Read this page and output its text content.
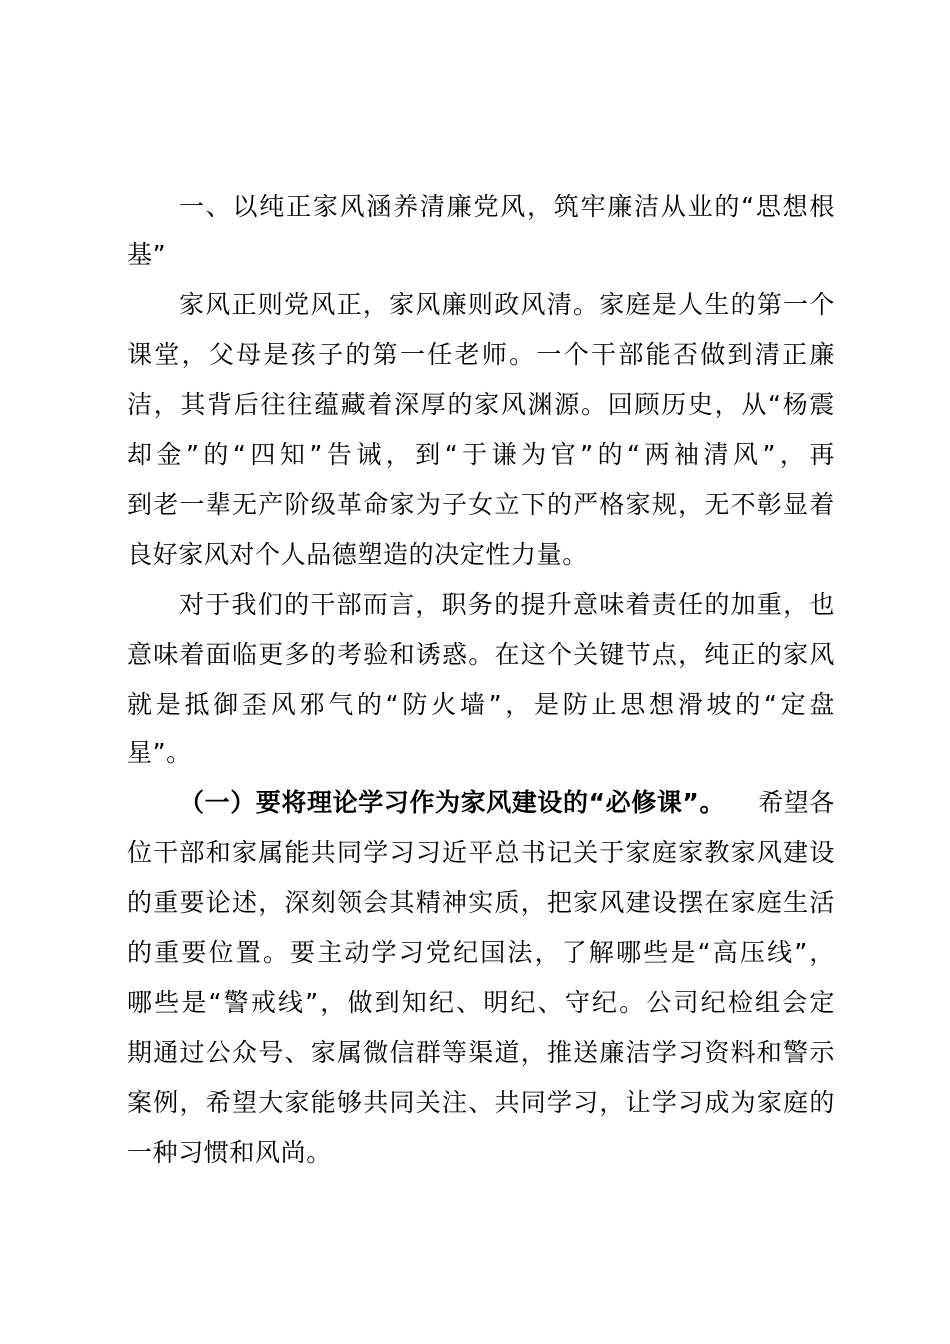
一、以纯正家风涵养清廉党风，筑牢廉洁从业的“思想根
基”
家风正则党风正，家风廉则政风清。家庭是人生的第一个
课堂，父母是孩子的第一任老师。一个干部能否做到清正廉
洁，其背后往往蕴藏着深厚的家风渊源。回顾历史，从“杨震
却金”的“四知”告诫，到“于谦为官”的“两袖清风”，再
到老一辈无产阶级革命家为子女立下的严格家规，无不彰显着
良好家风对个人品德塑造的决定性力量。
对于我们的干部而言，职务的提升意味着责任的加重，也
意味着面临更多的考验和诱惑。在这个关键节点，纯正的家风
就是抵御歪风邪气的“防火墙”，是防止思想滑坡的“定盘
星”。
（一）要将理论学习作为家风建设的“必修课”。 希望各
位干部和家属能共同学习习近平总书记关于家庭家教家风建设
的重要论述，深刻领会其精神实质，把家风建设摆在家庭生活
的重要位置。要主动学习党纪国法，了解哪些是“高压线”，
哪些是“警戒线”，做到知纪、明纪、守纪。公司纪检组会定
期通过公众号、家属微信群等渠道，推送廉洁学习资料和警示
案例，希望大家能够共同关注、共同学习，让学习成为家庭的
一种习惯和风尚。
